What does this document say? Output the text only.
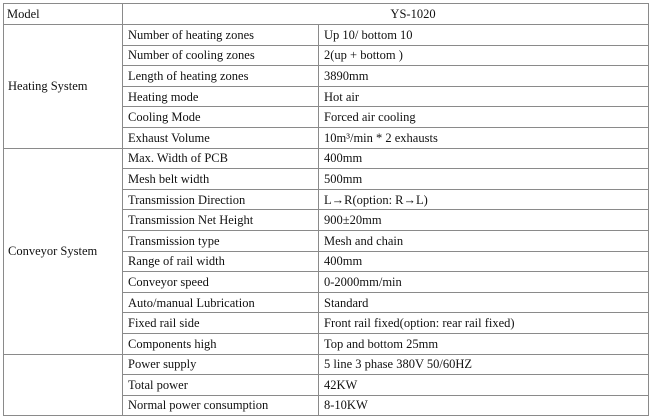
Model	YS-1020	
Heating System	Number of heating zones	Up 10/ bottom 10
	Number of cooling zones	2(up + bottom )
	Length of heating zones	3890mm
	Heating mode	Hot air
	Cooling Mode	Forced air cooling
	Exhaust Volume	10m³/min * 2 exhausts
Conveyor System	Max. Width of PCB	400mm
	Mesh belt width	500mm
	Transmission Direction	L→R(option: R→L)
	Transmission Net Height	900±20mm
	Transmission type	Mesh and chain
	Range of rail width	400mm
	Conveyor speed	0-2000mm/min
	Auto/manual Lubrication	Standard
	Fixed rail side	Front rail fixed(option: rear rail fixed)
	Components high	Top and bottom 25mm
	Power supply	5 line 3 phase 380V 50/60HZ
	Total power	42KW
	Normal power consumption	8-10KW
